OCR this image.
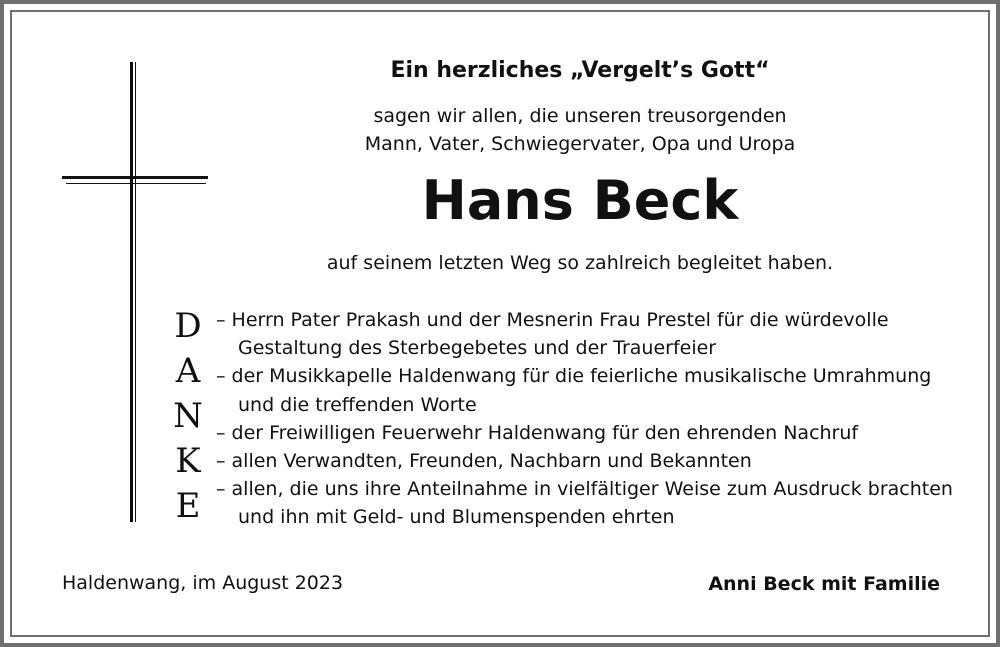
Ein herzliches „Vergelt’s Gott“
sagen wir allen, die unseren treusorgenden
Mann, Vater, Schwiegervater, Opa und Uropa
Hans Beck
auf seinem letzten Weg so zahlreich begleitet haben.
D
A
N
K
E
– Herrn Pater Prakash und der Mesnerin Frau Prestel für die würdevolle Gestaltung des Sterbegebetes und der Trauerfeier
– der Musikkapelle Haldenwang für die feierliche musikalische Umrahmung und die treffenden Worte
– der Freiwilligen Feuerwehr Haldenwang für den ehrenden Nachruf
– allen Verwandten, Freunden, Nachbarn und Bekannten
– allen, die uns ihre Anteilnahme in vielfältiger Weise zum Ausdruck brachten und ihn mit Geld- und Blumenspenden ehrten
Haldenwang, im August 2023	Anni Beck mit Familie
